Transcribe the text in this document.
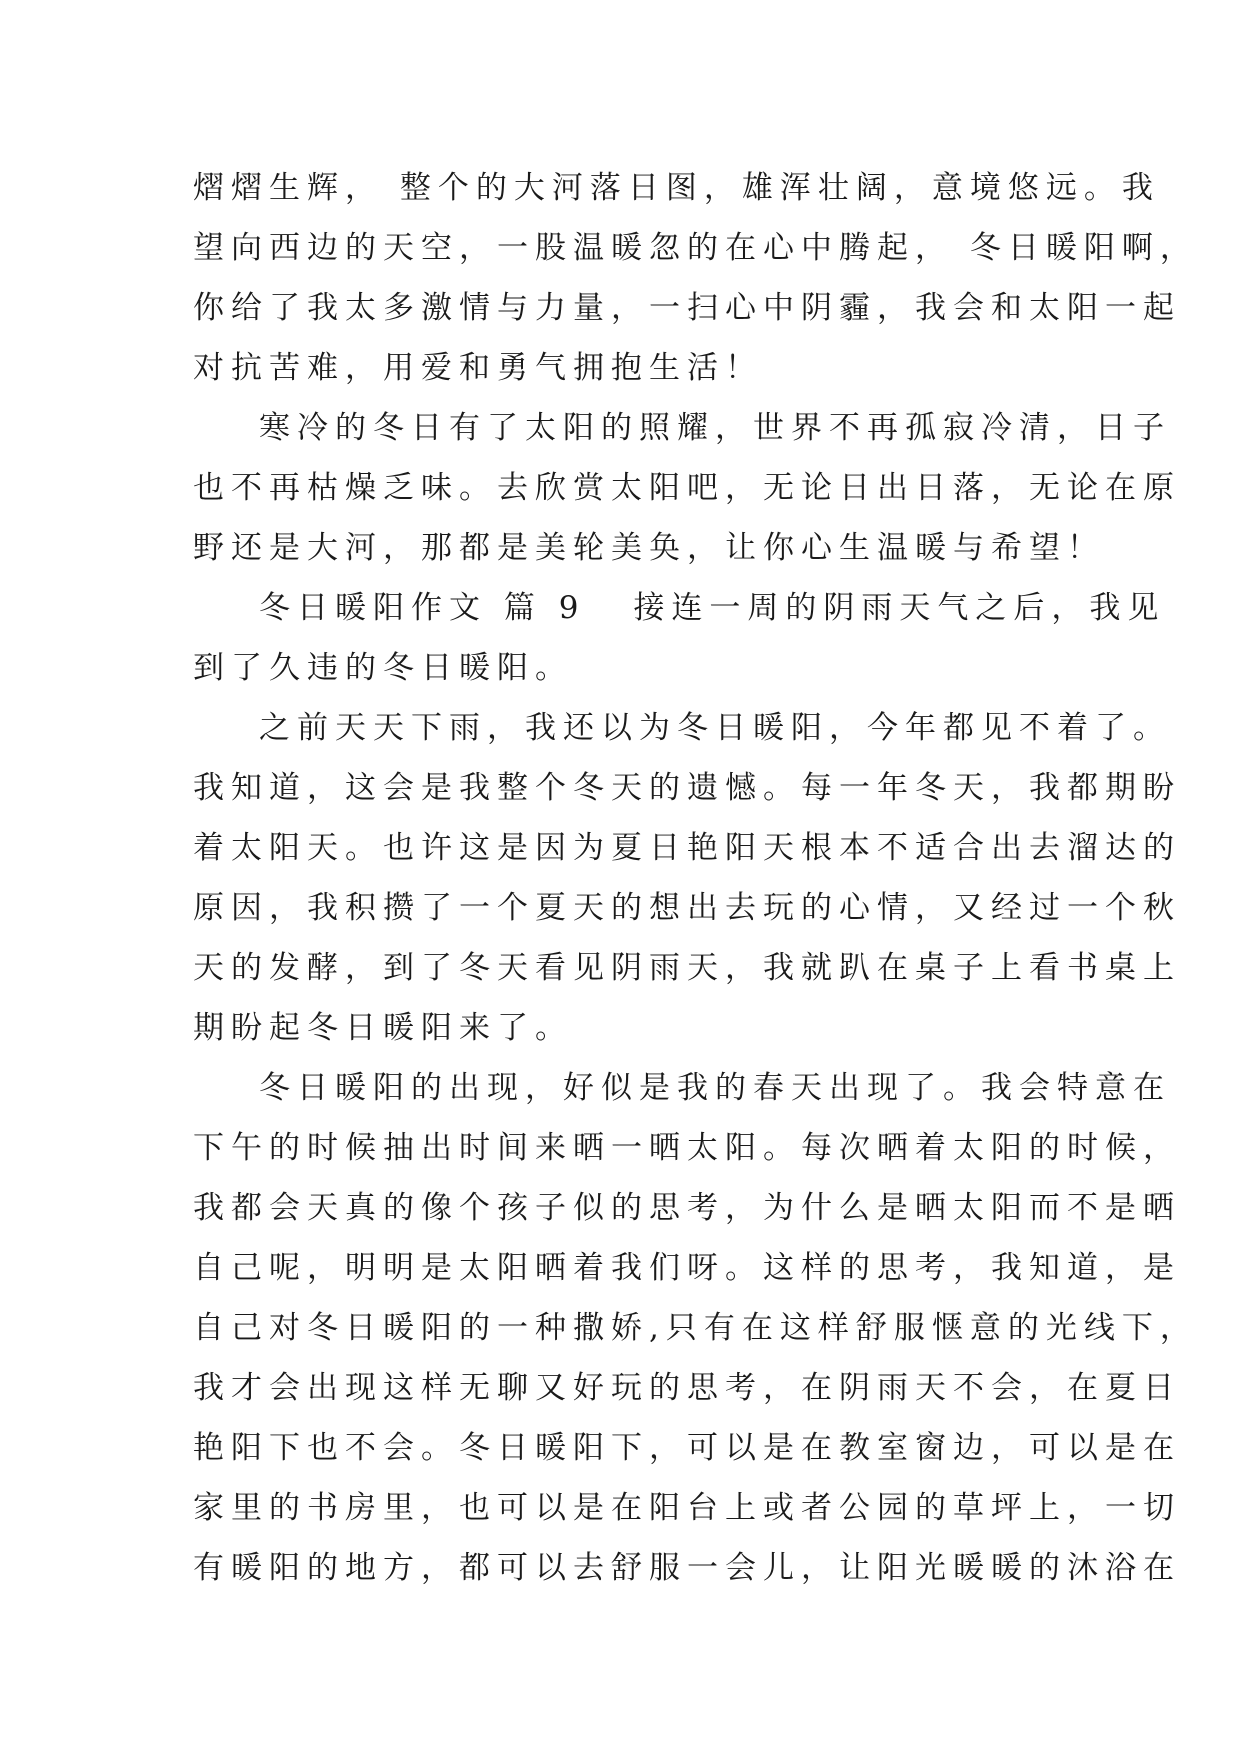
熠熠生辉， 整个的大河落日图，雄浑壮阔，意境悠远。我
望向西边的天空，一股温暖忽的在心中腾起， 冬日暖阳啊，
你给了我太多激情与力量，一扫心中阴霾，我会和太阳一起
对抗苦难，用爱和勇气拥抱生活！
寒冷的冬日有了太阳的照耀，世界不再孤寂冷清，日子
也不再枯燥乏味。去欣赏太阳吧，无论日出日落，无论在原
野还是大河，那都是美轮美奂，让你心生温暖与希望！
冬日暖阳作文 篇 9 接连一周的阴雨天气之后，我见
到了久违的冬日暖阳。
之前天天下雨，我还以为冬日暖阳，今年都见不着了。
我知道，这会是我整个冬天的遗憾。每一年冬天，我都期盼
着太阳天。也许这是因为夏日艳阳天根本不适合出去溜达的
原因，我积攒了一个夏天的想出去玩的心情，又经过一个秋
天的发酵，到了冬天看见阴雨天，我就趴在桌子上看书桌上
期盼起冬日暖阳来了。
冬日暖阳的出现，好似是我的春天出现了。我会特意在
下午的时候抽出时间来晒一晒太阳。每次晒着太阳的时候，
我都会天真的像个孩子似的思考，为什么是晒太阳而不是晒
自己呢，明明是太阳晒着我们呀。这样的思考，我知道，是
自己对冬日暖阳的一种撒娇,只有在这样舒服惬意的光线下，
我才会出现这样无聊又好玩的思考，在阴雨天不会，在夏日
艳阳下也不会。冬日暖阳下，可以是在教室窗边，可以是在
家里的书房里，也可以是在阳台上或者公园的草坪上，一切
有暖阳的地方，都可以去舒服一会儿，让阳光暖暖的沐浴在
